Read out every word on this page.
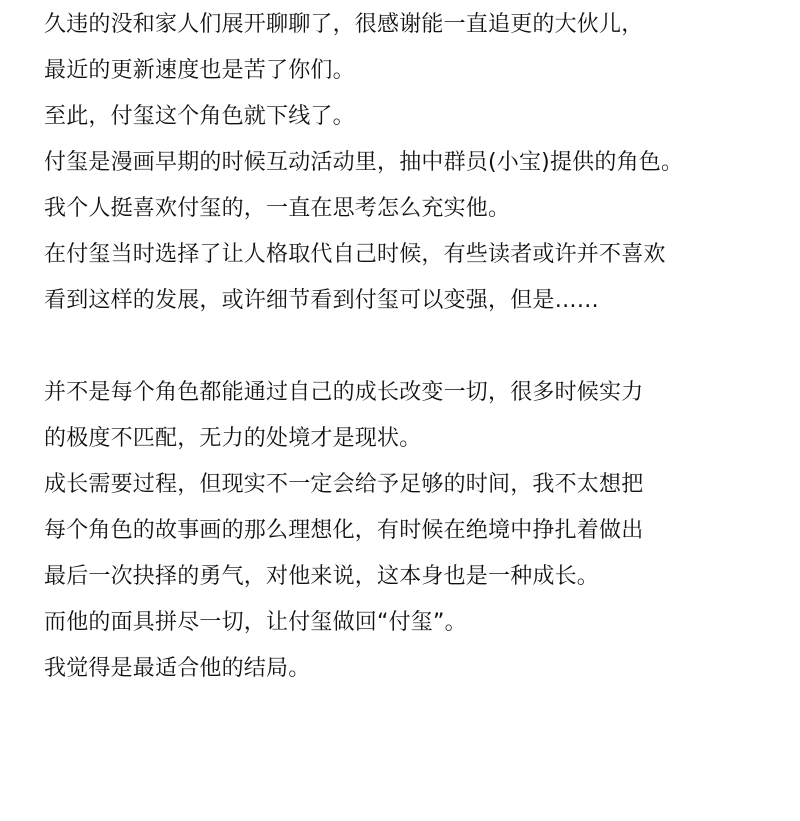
久违的没和家人们展开聊聊了，很感谢能一直追更的大伙儿，
最近的更新速度也是苦了你们。
至此，付玺这个角色就下线了。
付玺是漫画早期的时候互动活动里，抽中群员(小宝)提供的角色。
我个人挺喜欢付玺的，一直在思考怎么充实他。
在付玺当时选择了让人格取代自己时候，有些读者或许并不喜欢
看到这样的发展，或许细节看到付玺可以变强，但是……
并不是每个角色都能通过自己的成长改变一切，很多时候实力
的极度不匹配，无力的处境才是现状。
成长需要过程，但现实不一定会给予足够的时间，我不太想把
每个角色的故事画的那么理想化，有时候在绝境中挣扎着做出
最后一次抉择的勇气，对他来说，这本身也是一种成长。
而他的面具拼尽一切，让付玺做回“付玺”。
我觉得是最适合他的结局。
